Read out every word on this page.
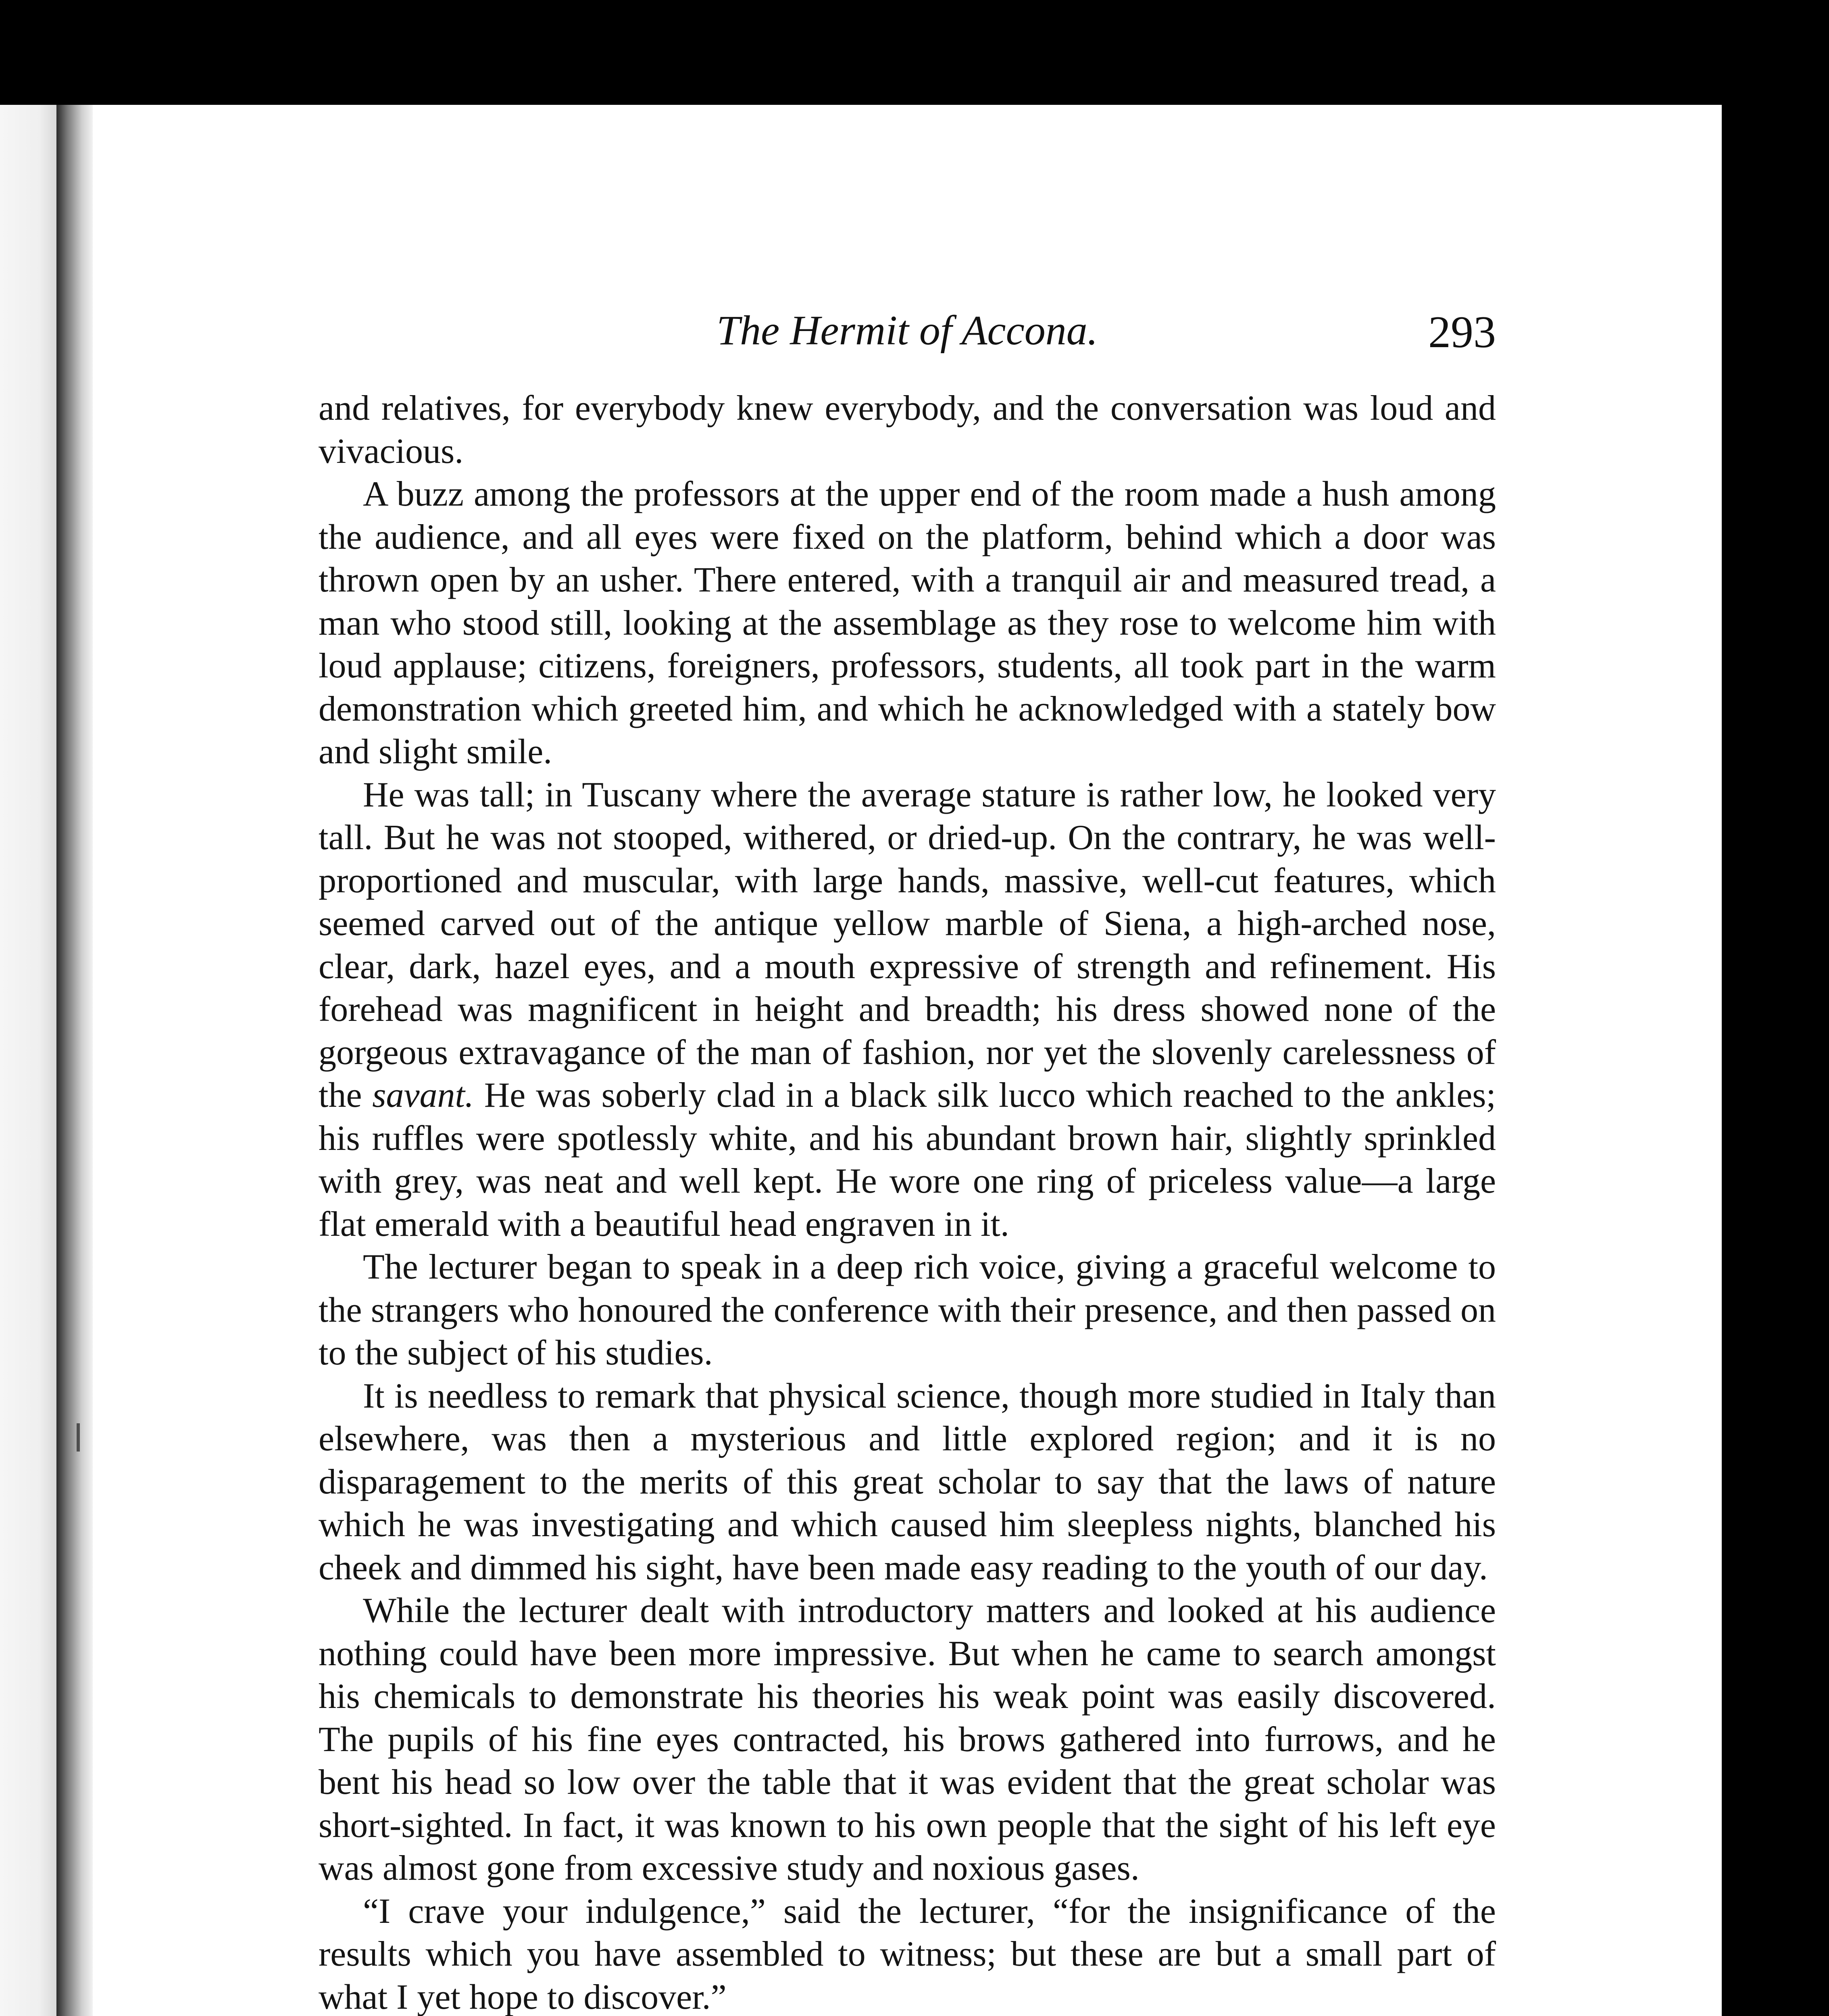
The Hermit of Accona.	293

and relatives, for everybody knew everybody, and the conversation was loud and vivacious.

A buzz among the professors at the upper end of the room made a hush among the audience, and all eyes were fixed on the platform, behind which a door was thrown open by an usher. There entered, with a tranquil air and measured tread, a man who stood still, looking at the assemblage as they rose to welcome him with loud applause; citizens, foreigners, professors, students, all took part in the warm demonstration which greeted him, and which he acknowledged with a stately bow and slight smile.

He was tall; in Tuscany where the average stature is rather low, he looked very tall. But he was not stooped, withered, or dried-up. On the contrary, he was well-proportioned and muscular, with large hands, massive, well-cut features, which seemed carved out of the antique yellow marble of Siena, a high-arched nose, clear, dark, hazel eyes, and a mouth expressive of strength and refinement. His forehead was magnificent in height and breadth; his dress showed none of the gorgeous extravagance of the man of fashion, nor yet the slovenly carelessness of the savant. He was soberly clad in a black silk lucco which reached to the ankles; his ruffles were spotlessly white, and his abundant brown hair, slightly sprinkled with grey, was neat and well kept. He wore one ring of priceless value—a large flat emerald with a beautiful head engraven in it.

The lecturer began to speak in a deep rich voice, giving a graceful welcome to the strangers who honoured the conference with their presence, and then passed on to the subject of his studies.

It is needless to remark that physical science, though more studied in Italy than elsewhere, was then a mysterious and little explored region; and it is no disparagement to the merits of this great scholar to say that the laws of nature which he was investigating and which caused him sleepless nights, blanched his cheek and dimmed his sight, have been made easy reading to the youth of our day.

While the lecturer dealt with introductory matters and looked at his audience nothing could have been more impressive. But when he came to search amongst his chemicals to demonstrate his theories his weak point was easily discovered. The pupils of his fine eyes contracted, his brows gathered into furrows, and he bent his head so low over the table that it was evident that the great scholar was short-sighted. In fact, it was known to his own people that the sight of his left eye was almost gone from excessive study and noxious gases.

“I crave your indulgence,” said the lecturer, “for the insignificance of the results which you have assembled to witness; but these are but a small part of what I yet hope to discover.”
